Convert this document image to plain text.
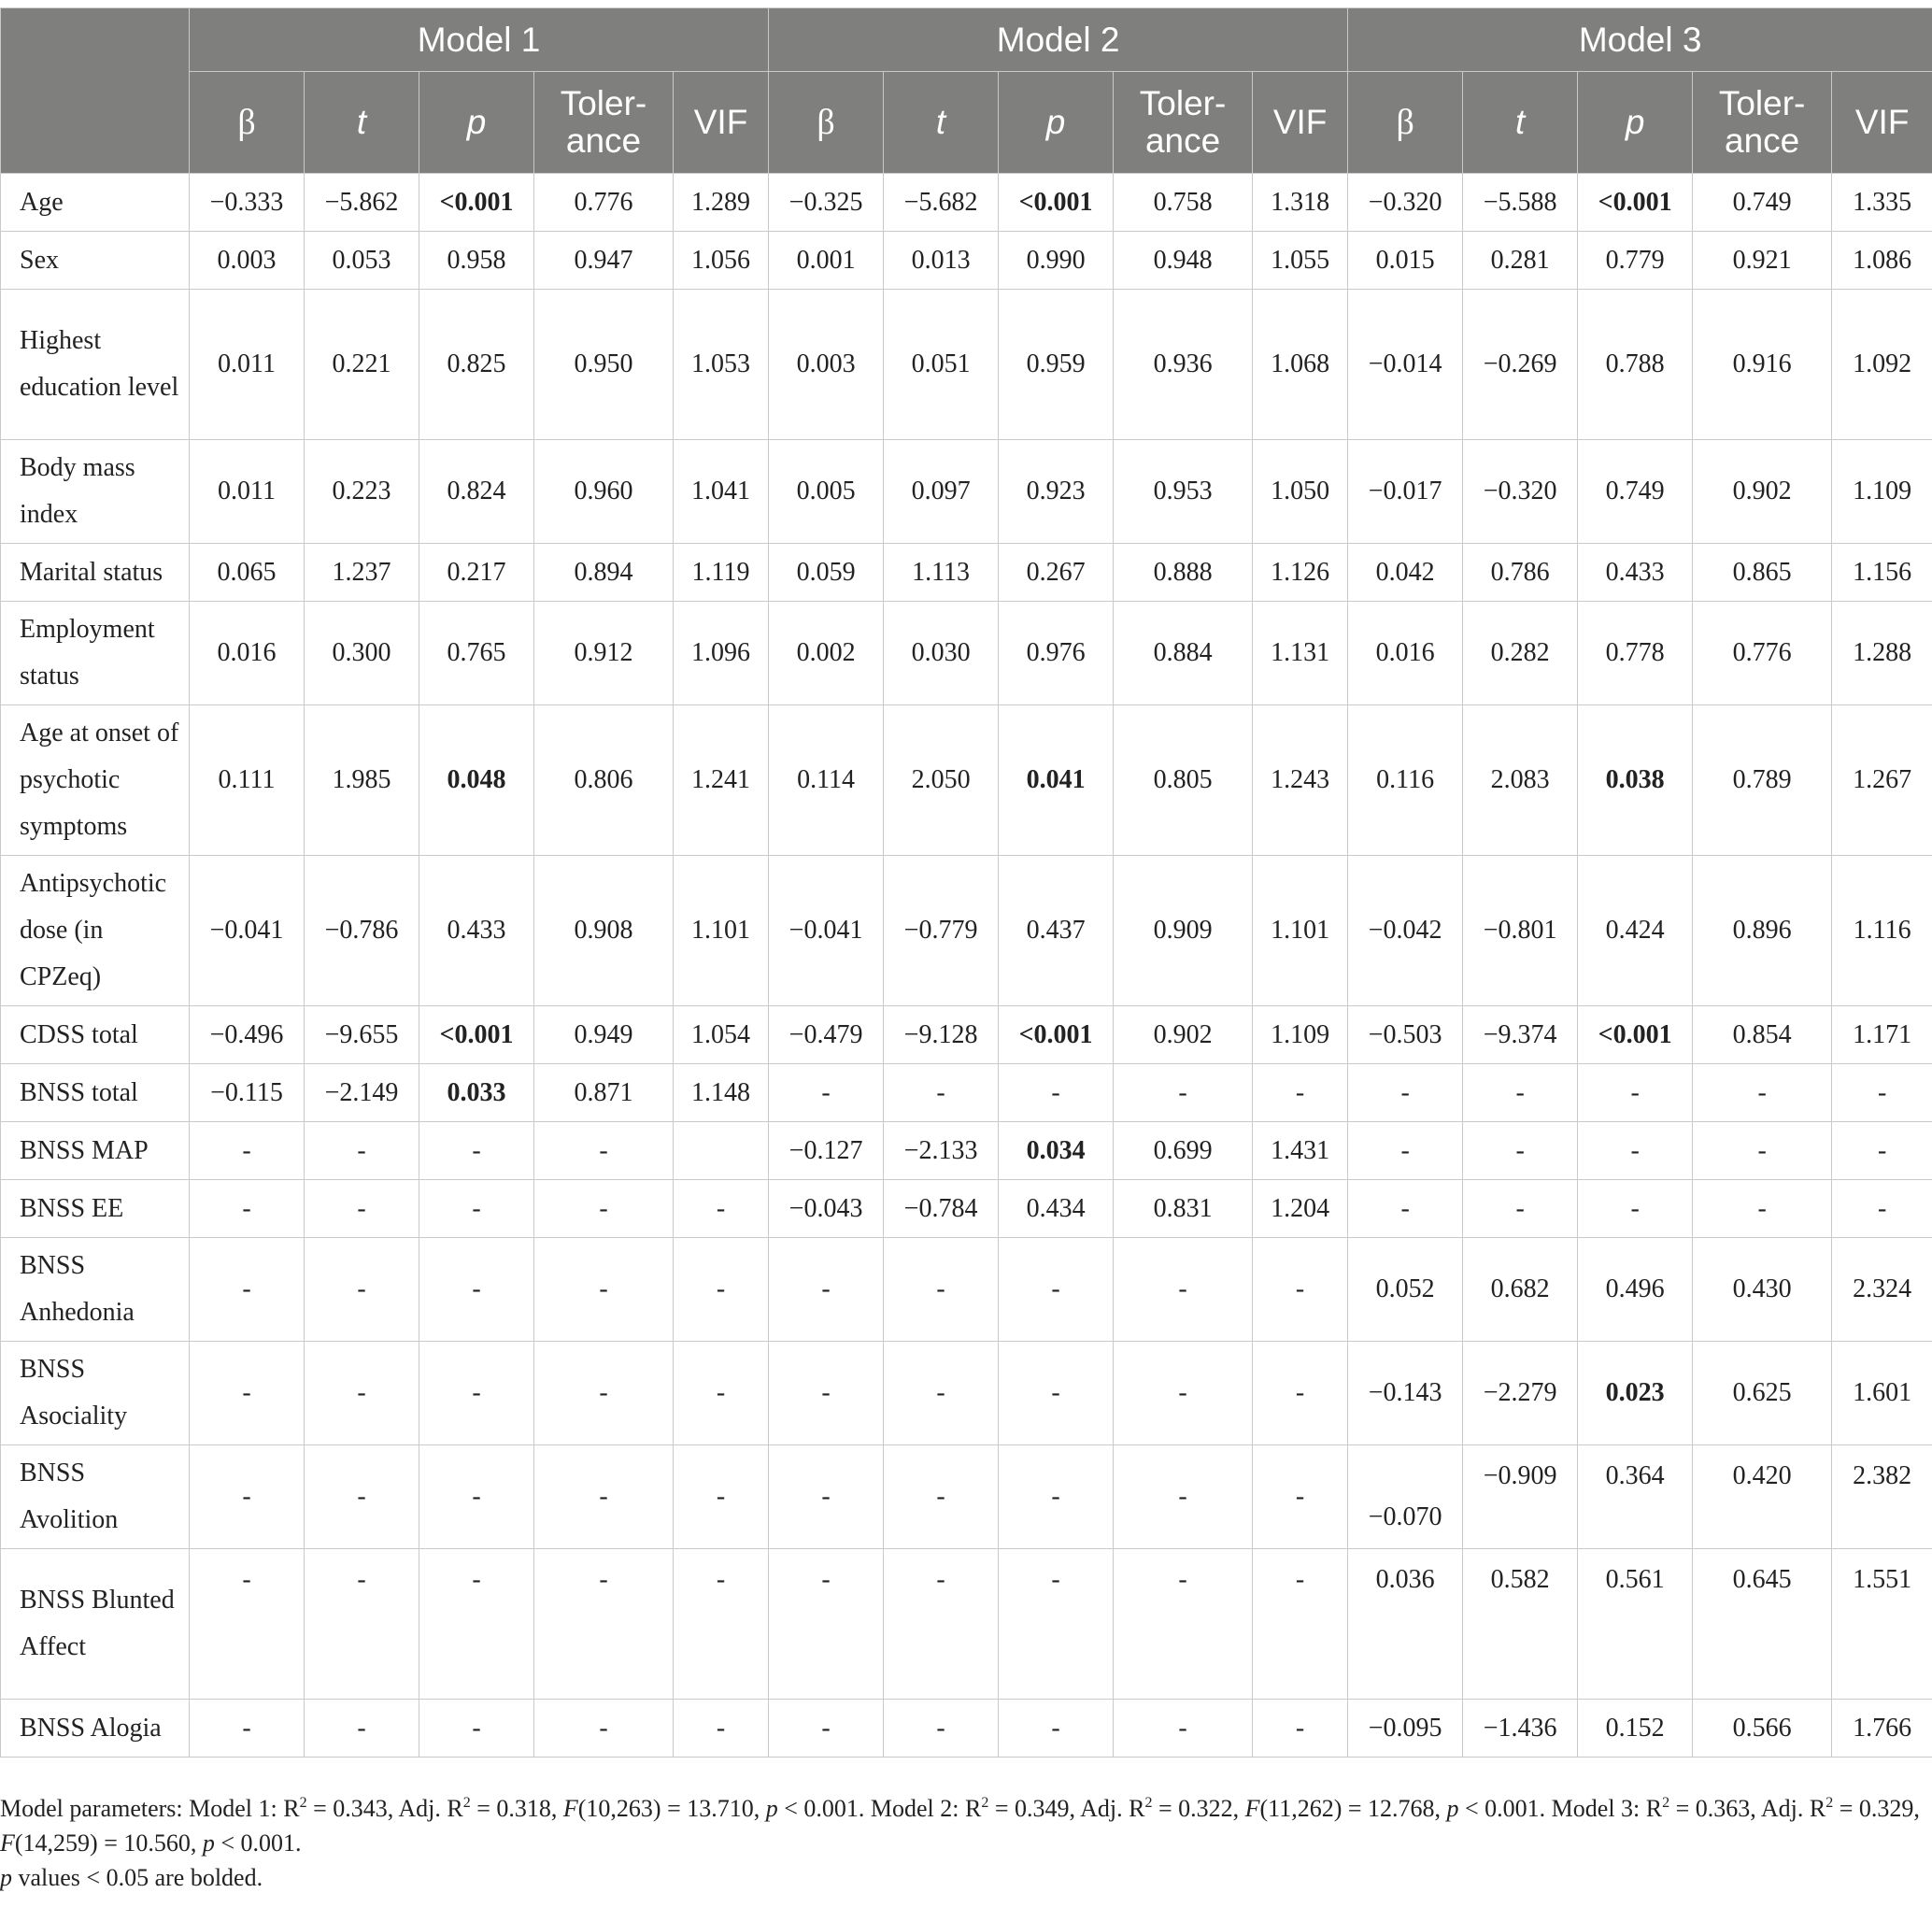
	Model 1					Model 2					Model 3				
	β	t	p	Toler-ance	VIF	β	t	p	Toler-ance	VIF	β	t	p	Toler-ance	VIF
Age	−0.333	−5.862	<0.001	0.776	1.289	−0.325	−5.682	<0.001	0.758	1.318	−0.320	−5.588	<0.001	0.749	1.335
Sex	0.003	0.053	0.958	0.947	1.056	0.001	0.013	0.990	0.948	1.055	0.015	0.281	0.779	0.921	1.086
Highest education level	0.011	0.221	0.825	0.950	1.053	0.003	0.051	0.959	0.936	1.068	−0.014	−0.269	0.788	0.916	1.092
Body mass index	0.011	0.223	0.824	0.960	1.041	0.005	0.097	0.923	0.953	1.050	−0.017	−0.320	0.749	0.902	1.109
Marital status	0.065	1.237	0.217	0.894	1.119	0.059	1.113	0.267	0.888	1.126	0.042	0.786	0.433	0.865	1.156
Employment status	0.016	0.300	0.765	0.912	1.096	0.002	0.030	0.976	0.884	1.131	0.016	0.282	0.778	0.776	1.288
Age at onset of psychotic symptoms	0.111	1.985	0.048	0.806	1.241	0.114	2.050	0.041	0.805	1.243	0.116	2.083	0.038	0.789	1.267
Antipsychotic dose (in CPZeq)	−0.041	−0.786	0.433	0.908	1.101	−0.041	−0.779	0.437	0.909	1.101	−0.042	−0.801	0.424	0.896	1.116
CDSS total	−0.496	−9.655	<0.001	0.949	1.054	−0.479	−9.128	<0.001	0.902	1.109	−0.503	−9.374	<0.001	0.854	1.171
BNSS total	−0.115	−2.149	0.033	0.871	1.148	-	-	-	-	-	-	-	-	-	-
BNSS MAP	-	-	-	-		−0.127	−2.133	0.034	0.699	1.431	-	-	-	-	-
BNSS EE	-	-	-	-	-	−0.043	−0.784	0.434	0.831	1.204	-	-	-	-	-
BNSS Anhedonia	-	-	-	-	-	-	-	-	-	-	0.052	0.682	0.496	0.430	2.324
BNSS Asociality	-	-	-	-	-	-	-	-	-	-	−0.143	−2.279	0.023	0.625	1.601
BNSS Avolition	-	-	-	-	-	-	-	-	-	-	−0.070	−0.909	0.364	0.420	2.382
BNSS Blunted Affect	-	-	-	-	-	-	-	-	-	-	0.036	0.582	0.561	0.645	1.551
BNSS Alogia	-	-	-	-	-	-	-	-	-	-	−0.095	−1.436	0.152	0.566	1.766

Model parameters: Model 1: $R^2 = 0.343$, Adj. $R^2 = 0.318$, F(10,263) = 13.710, p < 0.001. Model 2: $R^2 = 0.349$, Adj. $R^2 = 0.322$, F(11,262) = 12.768, p < 0.001. Model 3: $R^2 = 0.363$, Adj. $R^2 = 0.329$,

F(14,259) = 10.560, p < 0.001.

p values < 0.05 are bolded.
